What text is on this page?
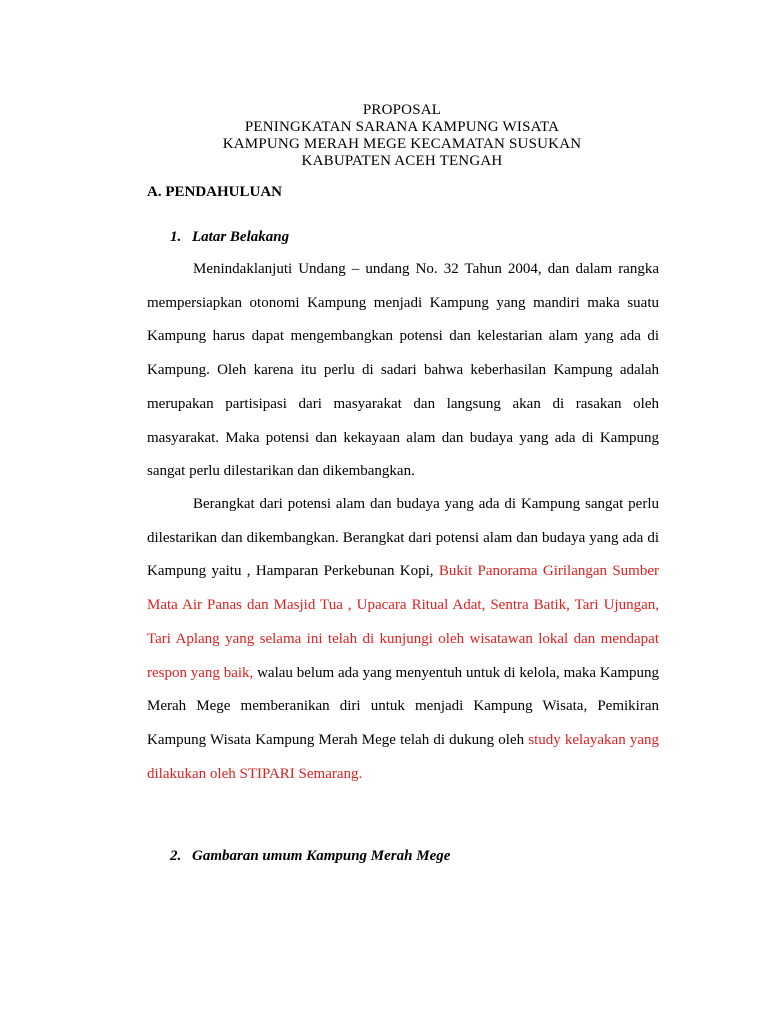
PROPOSAL
PENINGKATAN SARANA KAMPUNG WISATA
KAMPUNG MERAH MEGE KECAMATAN SUSUKAN
KABUPATEN ACEH TENGAH
A. PENDAHULUAN
1. Latar Belakang

Menindaklanjuti Undang – undang No. 32 Tahun 2004, dan dalam rangka mempersiapkan otonomi Kampung menjadi Kampung yang mandiri maka suatu Kampung harus dapat mengembangkan potensi dan kelestarian alam yang ada di Kampung. Oleh karena itu perlu di sadari bahwa keberhasilan Kampung adalah merupakan partisipasi dari masyarakat dan langsung akan di rasakan oleh masyarakat. Maka potensi dan kekayaan alam dan budaya yang ada di Kampung sangat perlu dilestarikan dan dikembangkan.

Berangkat dari potensi alam dan budaya yang ada di Kampung sangat perlu dilestarikan dan dikembangkan. Berangkat dari potensi alam dan budaya yang ada di Kampung yaitu , Hamparan Perkebunan Kopi, Bukit Panorama Girilangan Sumber Mata Air Panas dan Masjid Tua , Upacara Ritual Adat, Sentra Batik, Tari Ujungan, Tari Aplang yang selama ini telah di kunjungi oleh wisatawan lokal dan mendapat respon yang baik, walau belum ada yang menyentuh untuk di kelola, maka Kampung Merah Mege memberanikan diri untuk menjadi Kampung Wisata, Pemikiran Kampung Wisata Kampung Merah Mege telah di dukung oleh study kelayakan yang dilakukan oleh STIPARI Semarang.

2. Gambaran umum Kampung Merah Mege
